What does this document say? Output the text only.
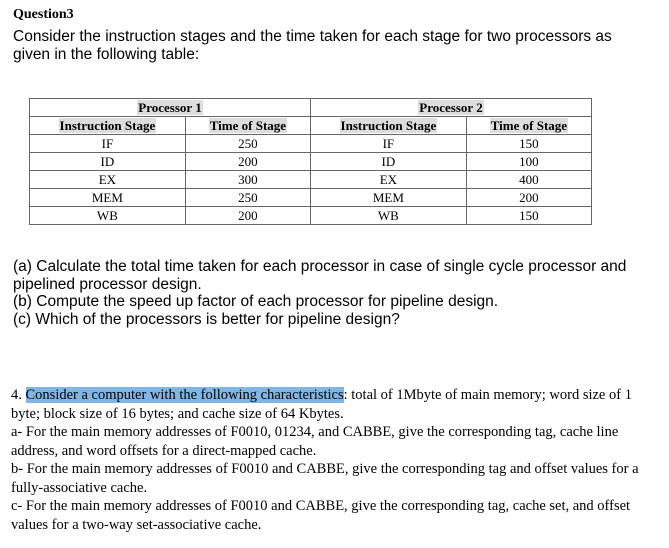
Question3
Consider the instruction stages and the time taken for each stage for two processors as given in the following table:
Processor 1		Processor 2	
Instruction Stage	Time of Stage	Instruction Stage	Time of Stage
IF	250	IF	150
ID	200	ID	100
EX	300	EX	400
MEM	250	MEM	200
WB	200	WB	150

(a) Calculate the total time taken for each processor in case of single cycle processor and pipelined processor design.

(b) Compute the speed up factor of each processor for pipeline design.

(c) Which of the processors is better for pipeline design?

4. Consider a computer with the following characteristics: total of 1Mbyte of main memory; word size of 1 byte; block size of 16 bytes; and cache size of 64 Kbytes.

a- For the main memory addresses of F0010, 01234, and CABBE, give the corresponding tag, cache line address, and word offsets for a direct-mapped cache.

b- For the main memory addresses of F0010 and CABBE, give the corresponding tag and offset values for a fully-associative cache.

c- For the main memory addresses of F0010 and CABBE, give the corresponding tag, cache set, and offset values for a two-way set-associative cache.
